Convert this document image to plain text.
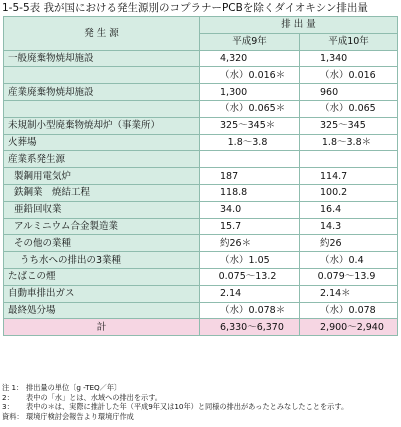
1-5-5表 我が国における発生源別のコプラナーPCBを除くダイオキシン排出量
発 生 源	排 出 量	
	平成9年	平成10年
一般廃棄物焼却施設	4,320	1,340
	（水）0.016＊	（水）0.016
産業廃棄物焼却施設	1,300	960
	（水）0.065＊	（水）0.065
未規制小型廃棄物焼却炉（事業所）	325～345＊	325～345
火葬場	1.8～3.8	1.8～3.8＊
産業系発生源		
製鋼用電気炉	187	114.7
鉄鋼業　焼結工程	118.8	100.2
亜鉛回収業	34.0	16.4
アルミニウム合金製造業	15.7	14.3
その他の業種	約26＊	約26
うち水への排出の3業種	（水）1.05	（水）0.4
たばこの煙	0.075～13.2	0.079～13.9
自動車排出ガス	2.14	2.14＊
最終処分場	（水）0.078＊	（水）0.078
計	6,330～6,370	2,900～2,940
注 1： 排出量の単位〔g -TEQ／年〕
2：	表中の「水」とは、水域への排出を示す。
3：	表中の＊は、実際に推計した年（平成9年又は10年）と同様の排出があったとみなしたことを示す。
資料： 環境庁検討会報告より環境庁作成
